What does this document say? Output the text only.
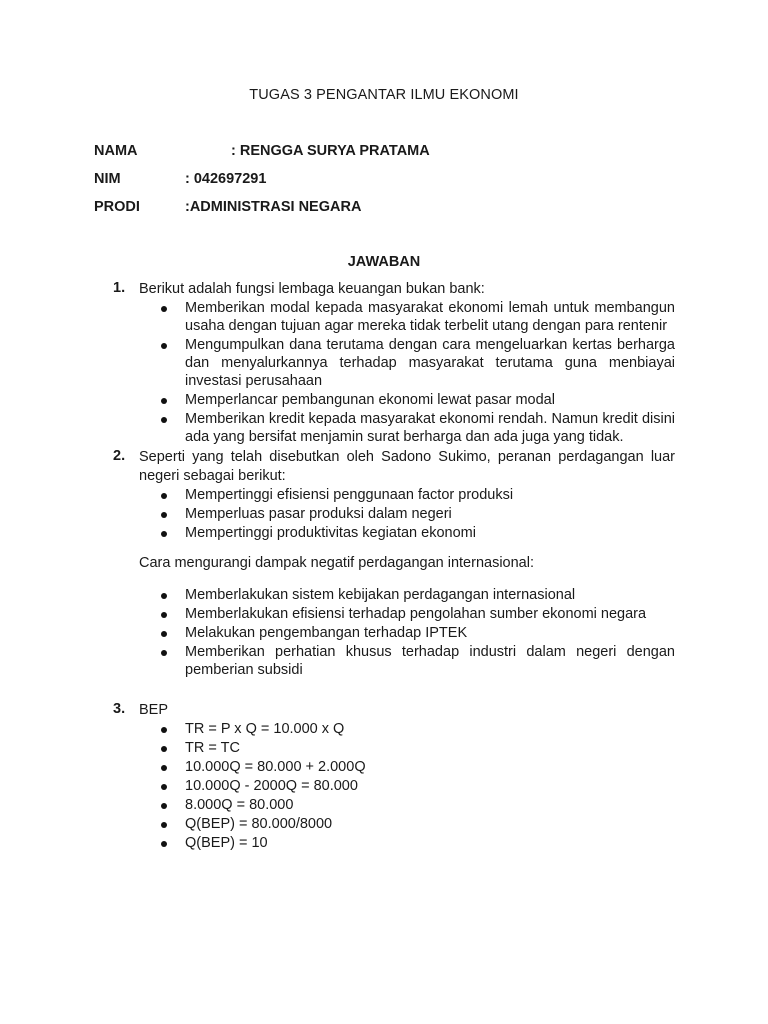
TUGAS 3 PENGANTAR ILMU EKONOMI
NAMA	: RENGGA SURYA PRATAMA
NIM	: 042697291
PRODI	:ADMINISTRASI NEGARA
JAWABAN
1. Berikut adalah fungsi lembaga keuangan bukan bank:

Memberikan modal kepada masyarakat ekonomi lemah untuk membangun usaha dengan tujuan agar mereka tidak terbelit utang dengan para rentenir
Mengumpulkan dana terutama dengan cara mengeluarkan kertas berharga dan menyalurkannya terhadap masyarakat terutama guna menbiayai investasi perusahaan
Memperlancar pembangunan ekonomi lewat pasar modal
Memberikan kredit kepada masyarakat ekonomi rendah. Namun kredit disini ada yang bersifat menjamin surat berharga dan ada juga yang tidak.
2. Seperti yang telah disebutkan oleh Sadono Sukimo, peranan perdagangan luar negeri sebagai berikut:

Mempertinggi efisiensi penggunaan factor produksi
Memperluas pasar produksi dalam negeri
Mempertinggi produktivitas kegiatan ekonomi

Cara mengurangi dampak negatif perdagangan internasional:

Memberlakukan sistem kebijakan perdagangan internasional
Memberlakukan efisiensi terhadap pengolahan sumber ekonomi negara
Melakukan pengembangan terhadap IPTEK
Memberikan perhatian khusus terhadap industri dalam negeri dengan pemberian subsidi
3. BEP

TR = P x Q = 10.000 x Q
TR = TC
10.000Q = 80.000 + 2.000Q
10.000Q - 2000Q = 80.000
8.000Q = 80.000
Q(BEP) = 80.000/8000
Q(BEP) = 10
